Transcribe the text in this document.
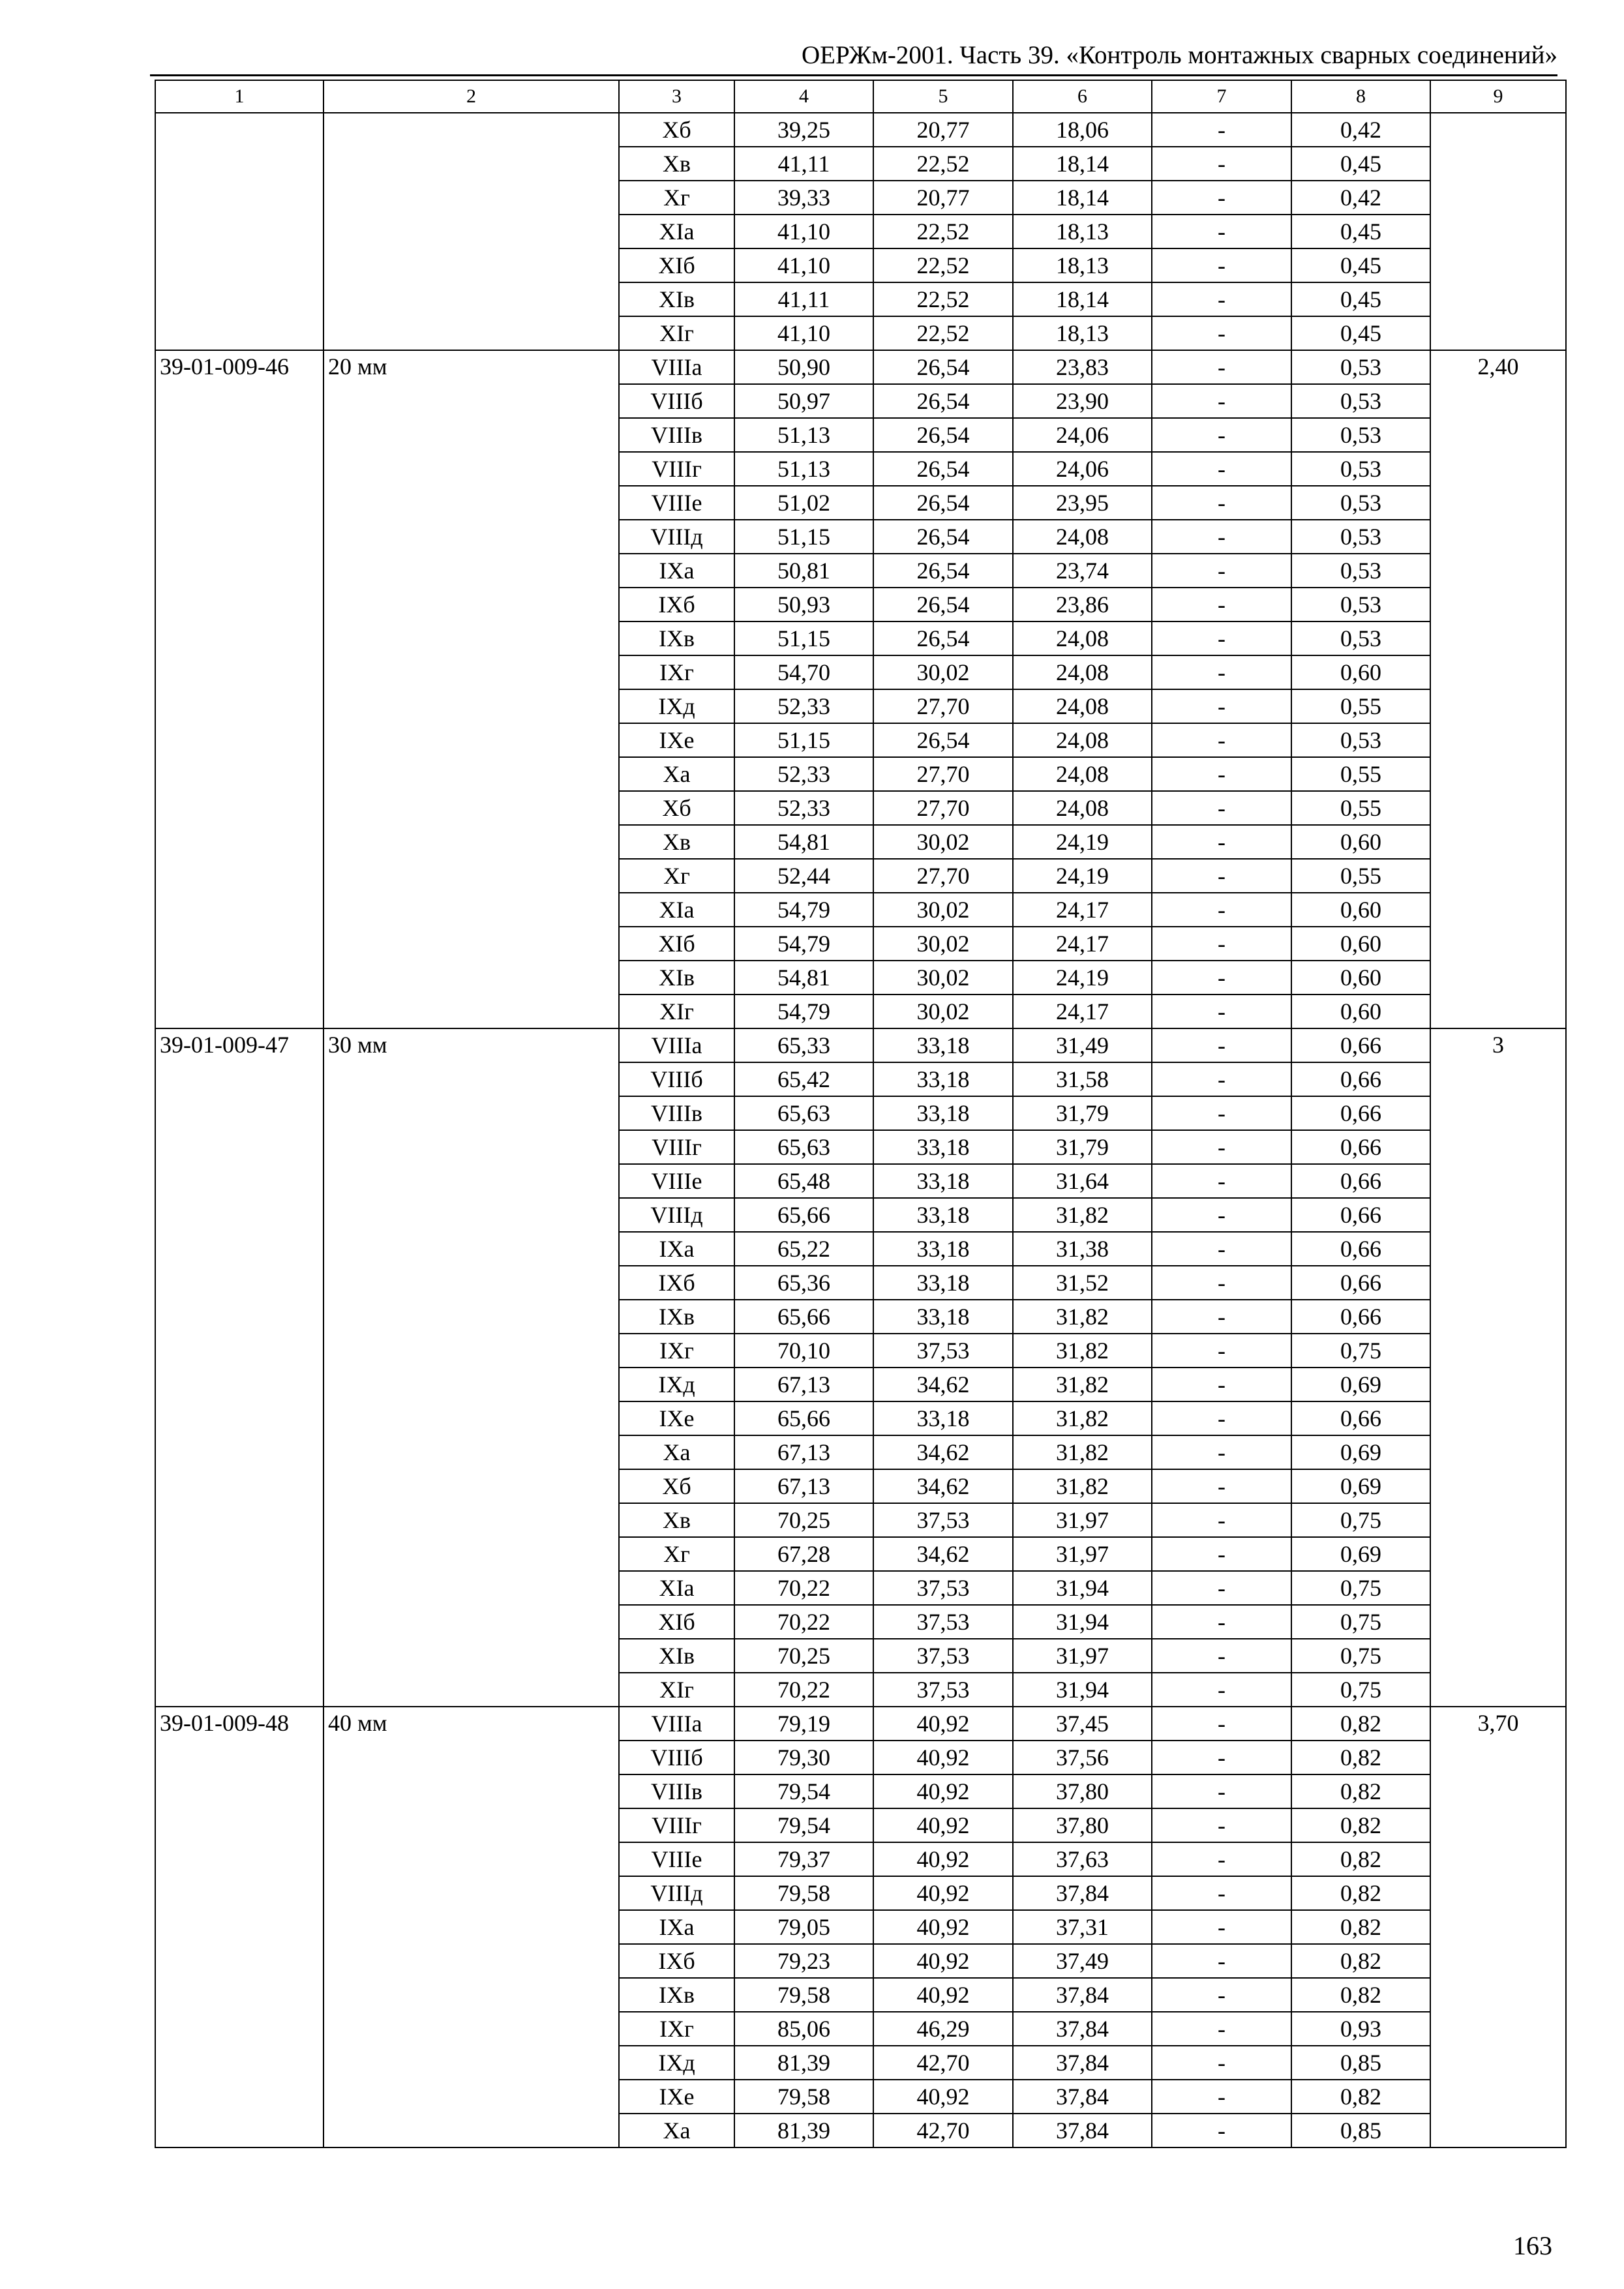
ОЕРЖм-2001. Часть 39. «Контроль монтажных сварных соединений»
1	2	3	4	5	6	7	8	9
		Хб	39,25	20,77	18,06	-	0,42	
		Хв	41,11	22,52	18,14	-	0,45	
		Хг	39,33	20,77	18,14	-	0,42	
		XIa	41,10	22,52	18,13	-	0,45	
		XIб	41,10	22,52	18,13	-	0,45	
		XIв	41,11	22,52	18,14	-	0,45	
		XIг	41,10	22,52	18,13	-	0,45	
39-01-009-46	20 мм	VIIIa	50,90	26,54	23,83	-	0,53	2,40
		VIIIб	50,97	26,54	23,90	-	0,53	
		VIIIв	51,13	26,54	24,06	-	0,53	
		VIIIг	51,13	26,54	24,06	-	0,53	
		VIIIe	51,02	26,54	23,95	-	0,53	
		VIIIд	51,15	26,54	24,08	-	0,53	
		IXa	50,81	26,54	23,74	-	0,53	
		IXб	50,93	26,54	23,86	-	0,53	
		IXв	51,15	26,54	24,08	-	0,53	
		IXг	54,70	30,02	24,08	-	0,60	
		IXд	52,33	27,70	24,08	-	0,55	
		IXe	51,15	26,54	24,08	-	0,53	
		Xa	52,33	27,70	24,08	-	0,55	
		Хб	52,33	27,70	24,08	-	0,55	
		Хв	54,81	30,02	24,19	-	0,60	
		Хг	52,44	27,70	24,19	-	0,55	
		XIa	54,79	30,02	24,17	-	0,60	
		XIб	54,79	30,02	24,17	-	0,60	
		XIв	54,81	30,02	24,19	-	0,60	
		XIг	54,79	30,02	24,17	-	0,60	
39-01-009-47	30 мм	VIIIa	65,33	33,18	31,49	-	0,66	3
		VIIIб	65,42	33,18	31,58	-	0,66	
		VIIIв	65,63	33,18	31,79	-	0,66	
		VIIIг	65,63	33,18	31,79	-	0,66	
		VIIIe	65,48	33,18	31,64	-	0,66	
		VIIIд	65,66	33,18	31,82	-	0,66	
		IXa	65,22	33,18	31,38	-	0,66	
		IXб	65,36	33,18	31,52	-	0,66	
		IXв	65,66	33,18	31,82	-	0,66	
		IXг	70,10	37,53	31,82	-	0,75	
		IXд	67,13	34,62	31,82	-	0,69	
		IXe	65,66	33,18	31,82	-	0,66	
		Xa	67,13	34,62	31,82	-	0,69	
		Хб	67,13	34,62	31,82	-	0,69	
		Хв	70,25	37,53	31,97	-	0,75	
		Хг	67,28	34,62	31,97	-	0,69	
		XIa	70,22	37,53	31,94	-	0,75	
		XIб	70,22	37,53	31,94	-	0,75	
		XIв	70,25	37,53	31,97	-	0,75	
		XIг	70,22	37,53	31,94	-	0,75	
39-01-009-48	40 мм	VIIIa	79,19	40,92	37,45	-	0,82	3,70
		VIIIб	79,30	40,92	37,56	-	0,82	
		VIIIв	79,54	40,92	37,80	-	0,82	
		VIIIг	79,54	40,92	37,80	-	0,82	
		VIIIe	79,37	40,92	37,63	-	0,82	
		VIIIд	79,58	40,92	37,84	-	0,82	
		IXa	79,05	40,92	37,31	-	0,82	
		IXб	79,23	40,92	37,49	-	0,82	
		IXв	79,58	40,92	37,84	-	0,82	
		IXг	85,06	46,29	37,84	-	0,93	
		IXд	81,39	42,70	37,84	-	0,85	
		IXe	79,58	40,92	37,84	-	0,82	
		Xa	81,39	42,70	37,84	-	0,85	
163
